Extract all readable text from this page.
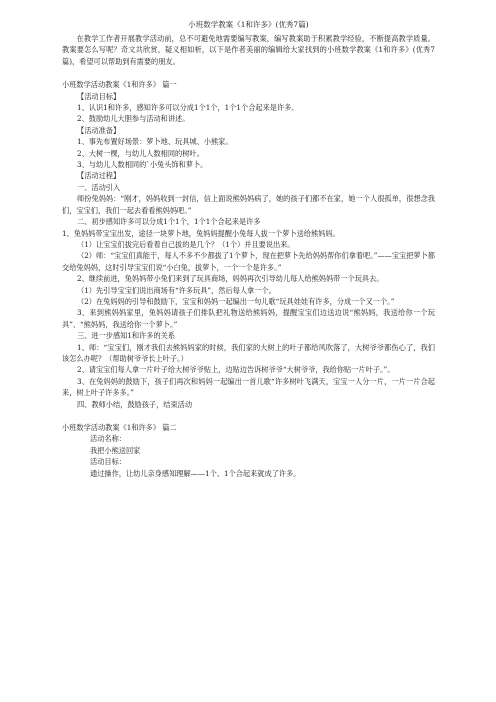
小班数学教案《1和许多》(优秀7篇)

在教学工作者开展教学活动前，总不可避免地需要编写教案，编写教案助于积累教学经验，不断提高教学质量。教案要怎么写呢？奇文共欣赏，疑义相如析，以下是作者美丽的编辑给大家找到的小班数学教案《1和许多》(优秀7篇)，希望可以帮助到有需要的朋友。

小班数学活动教案《1和许多》 篇一

【活动目标】

1、认识1和许多，感知许多可以分成1个1个，1个1个合起来是许多。

2、鼓励幼儿大胆参与活动和讲述。

【活动准备】

1、事先布置好场景：萝卜地、玩具城、小熊家。

2、大树一棵，与幼儿人数相同的树叶。

3、与幼儿人数相同的`小兔头饰和萝卜。

【活动过程】

一、活动引入

师扮兔妈妈：“刚才，妈妈收到一封信，信上面说熊妈妈病了，她的孩子们都不在家，她一个人很孤单，很想念我们，宝宝们，我们一起去看看熊妈妈吧。”

二、初步感知许多可以分成1个1个，1个1个合起来是许多

1、兔妈妈带宝宝出发，途径一块萝卜地，兔妈妈提醒小兔每人拔一个萝卜送给熊妈妈。

（1）让宝宝们拔完后看着自己拔的是几个？（1个）并且要说出来。

（2）师：“宝宝们真能干，每人不多不少都拔了1个萝卜，现在把萝卜先给妈妈帮你们拿着吧。”——宝宝把萝卜都交给兔妈妈，这时引导宝宝们说“小白兔，拔萝卜，一个一个是许多。”

2、继续前进，兔妈妈带小兔们来到了玩具商场，妈妈再次引导幼儿每人给熊妈妈带一个玩具去。

（1）先引导宝宝们说出商场有“许多玩具”，然后每人拿一个。

（2）在兔妈妈的引导和鼓励下，宝宝和妈妈一起编出一句儿歌“玩具娃娃有许多，分成一个又一个。”

3、来到熊妈妈家里，兔妈妈请孩子们排队把礼物送给熊妈妈，提醒宝宝们边送边说“熊妈妈，我送给你一个玩具”、“熊妈妈，我送给你一个萝卜。”

三、进一步感知1和许多的关系

1、师：“宝宝们，刚才我们去熊妈妈家的时候，我们家的大树上的叶子都给风吹落了，大树爷爷都伤心了，我们该怎么办呢？（帮助树爷爷长上叶子。）

2、请宝宝们每人拿一片叶子给大树爷爷贴上，边贴边告诉树爷爷“大树爷爷，我给你贴一片叶子。”。

3、在兔妈妈的鼓励下，孩子们再次和妈妈一起编出一首儿歌“许多树叶飞满天，宝宝一人分一片，一片一片合起来，树上叶子许多多。”

四、教师小结，鼓励孩子，结束活动

小班数学活动教案《1和许多》 篇二

活动名称：

我把小熊送回家

活动目标：

通过操作，让幼儿亲身感知理解——1个、1个合起来就成了许多。
